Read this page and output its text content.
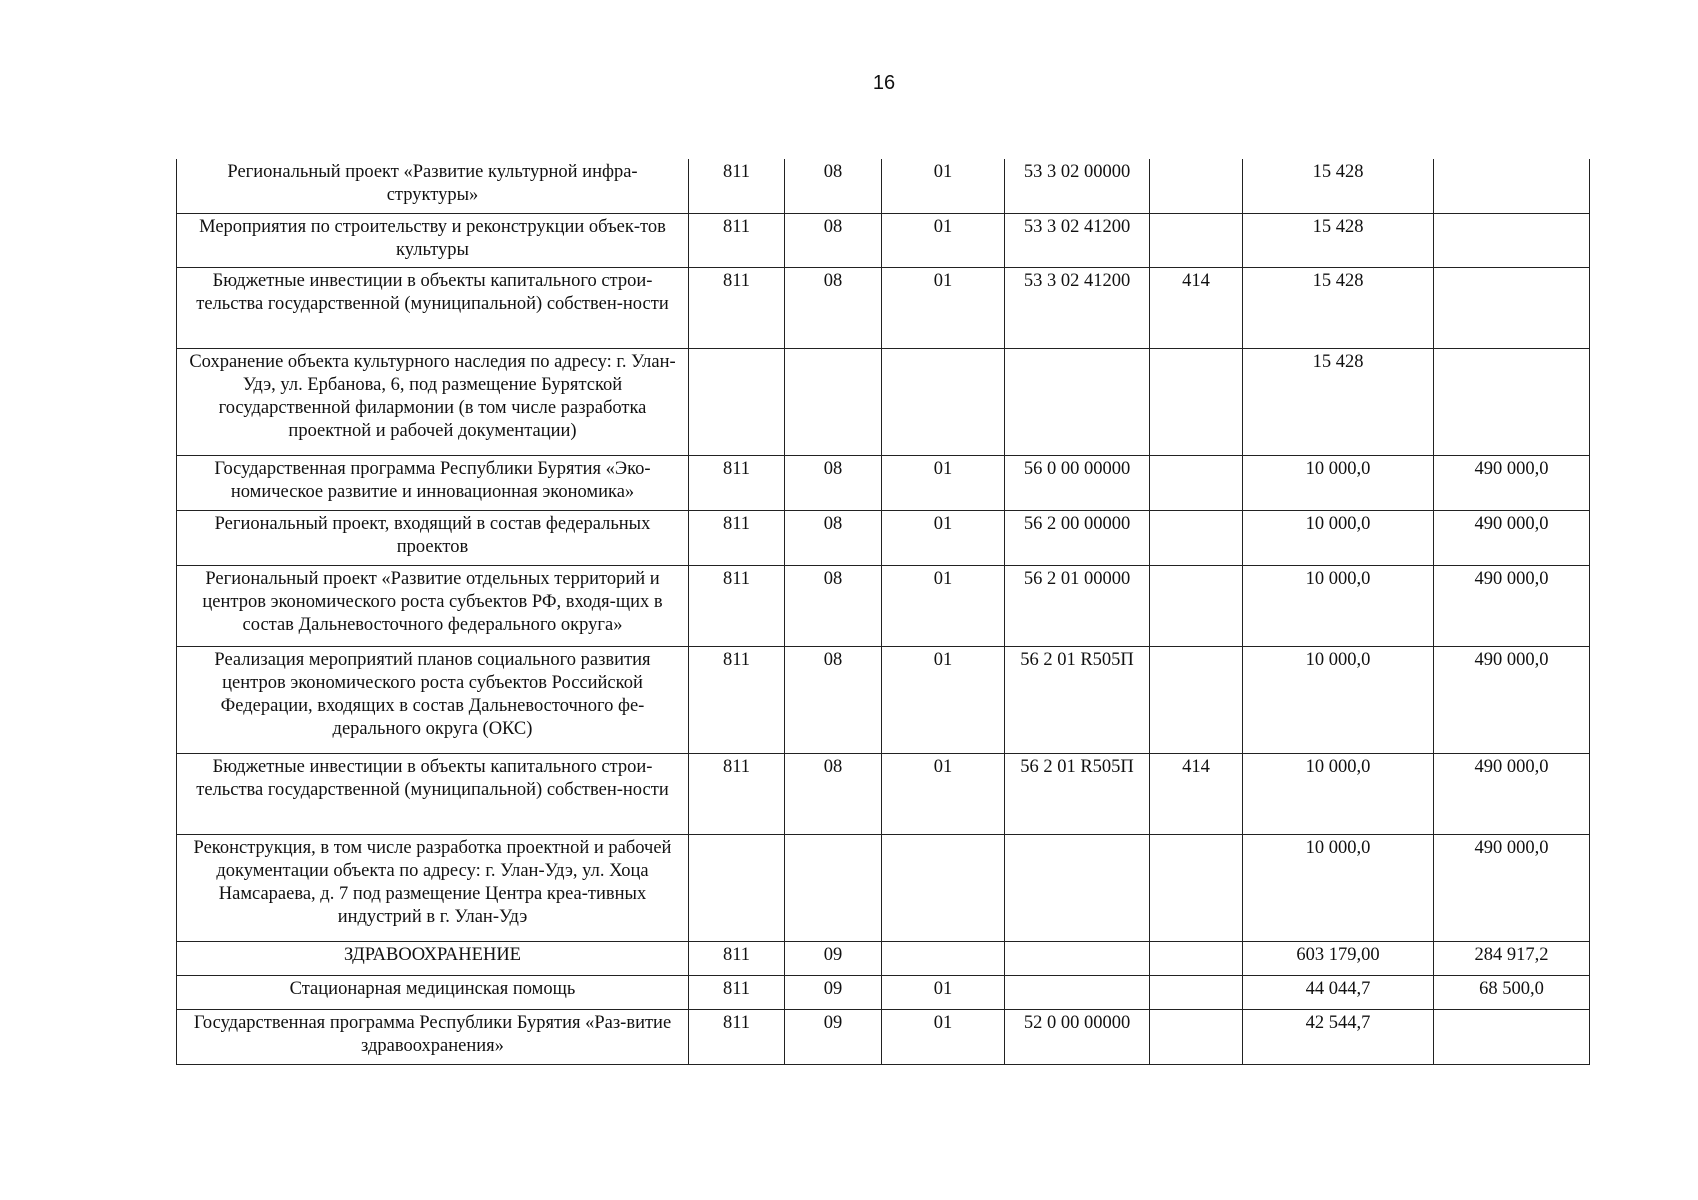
16
Региональный проект «Развитие культурной инфра-структуры»	811	08	01	53 3 02 00000		15 428	
Мероприятия по строительству и реконструкции объек-тов культуры	811	08	01	53 3 02 41200		15 428	
Бюджетные инвестиции в объекты капитального строи-тельства государственной (муниципальной) собствен-ности	811	08	01	53 3 02 41200	414	15 428	
Сохранение объекта культурного наследия по адресу: г. Улан-Удэ, ул. Ербанова, 6, под размещение Бурятской государственной филармонии (в том числе разработка проектной и рабочей документации)						15 428	
Государственная программа Республики Бурятия «Эко-номическое развитие и инновационная экономика»	811	08	01	56 0 00 00000		10 000,0	490 000,0
Региональный проект, входящий в состав федеральных проектов	811	08	01	56 2 00 00000		10 000,0	490 000,0
Региональный проект «Развитие отдельных территорий и центров экономического роста субъектов РФ, входя-щих в состав Дальневосточного федерального округа»	811	08	01	56 2 01 00000		10 000,0	490 000,0
Реализация мероприятий планов социального развития центров экономического роста субъектов Российской Федерации, входящих в состав Дальневосточного фе-дерального округа (ОКС)	811	08	01	56 2 01 R505П		10 000,0	490 000,0
Бюджетные инвестиции в объекты капитального строи-тельства государственной (муниципальной) собствен-ности	811	08	01	56 2 01 R505П	414	10 000,0	490 000,0
Реконструкция, в том числе разработка проектной и рабочей документации объекта по адресу: г. Улан-Удэ, ул. Хоца Намсараева, д. 7 под размещение Центра креа-тивных индустрий в г. Улан-Удэ						10 000,0	490 000,0
ЗДРАВООХРАНЕНИЕ	811	09				603 179,00	284 917,2
Стационарная медицинская помощь	811	09	01			44 044,7	68 500,0
Государственная программа Республики Бурятия «Раз-витие здравоохранения»	811	09	01	52 0 00 00000		42 544,7	
